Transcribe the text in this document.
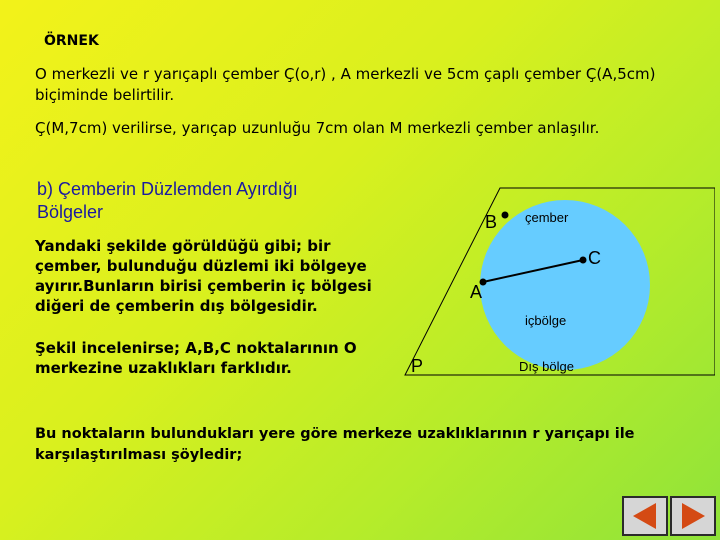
ÖRNEK
O merkezli ve r yarıçaplı çember Ç(o,r) , A merkezli ve 5cm çaplı çember Ç(A,5cm) biçiminde belirtilir.
Ç(M,7cm) verilirse, yarıçap uzunluğu 7cm olan M merkezli çember anlaşılır.
b) Çemberin Düzlemden Ayırdığı Bölgeler
Yandaki şekilde görüldüğü gibi; bir çember, bulunduğu düzlemi iki bölgeye ayırır.Bunların birisi çemberin iç bölgesi diğeri de çemberin dış bölgesidir.
Şekil incelenirse; A,B,C noktalarının O merkezine uzaklıkları farklıdır.
Bu noktaların bulundukları yere göre merkeze uzaklıklarının r yarıçapı ile karşılaştırılması şöyledir;
B çember
C
A
içbölge
P	Dış bölge
